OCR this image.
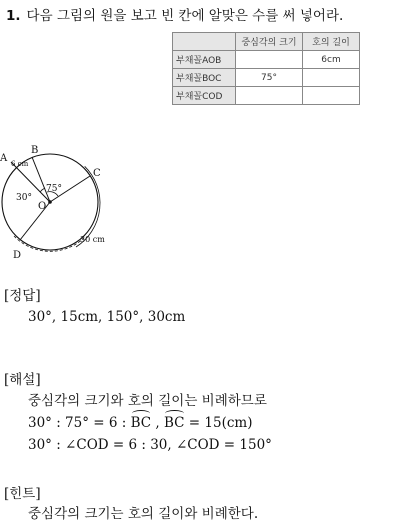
1. 다음 그림의 원을 보고 빈 칸에 알맞은 수를 써 넣어라.
	중심각의 크기	호의 길이
부채꼴AOB		6cm
부채꼴BOC	75°	
부채꼴COD		
A
B
C
D
O
6 cm
30°
75°
30 cm
[정답]
30°, 15cm, 150°, 30cm
[해설]
중심각의 크기와 호의 길이는 비례하므로
30° : 75° = 6 : BC , BC = 15(cm)
30° : ∠COD = 6 : 30, ∠COD = 150°
[힌트]
중심각의 크기는 호의 길이와 비례한다.
